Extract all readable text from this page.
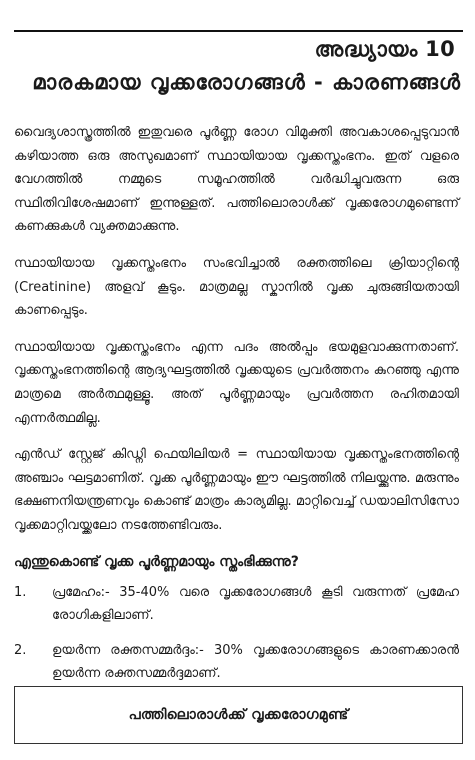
അദ്ധ്യായം 10
മാരകമായ വൃക്കരോഗങ്ങൾ - കാരണങ്ങൾ

വൈദ്യശാസ്ത്രത്തിൽ ഇതുവരെ പൂർണ്ണ രോഗ വിമുക്തി അവകാശപ്പെടുവാൻ കഴിയാത്ത ഒരു അസുഖമാണ് സ്ഥായിയായ വൃക്കസ്തംഭനം. ഇത് വളരെ വേഗത്തിൽ നമ്മുടെ സമൂഹത്തിൽ വർദ്ധിച്ചുവരുന്ന ഒരു സ്ഥിതിവിശേഷമാണ് ഇന്നുള്ളത്. പത്തിലൊരാൾക്ക് വൃക്കരോഗമുണ്ടെന്ന് കണക്കുകൾ വ്യക്തമാക്കുന്നു.

സ്ഥായിയായ വൃക്കസ്തംഭനം സംഭവിച്ചാൽ രക്തത്തിലെ ക്രിയാറ്റിന്റെ (Creatinine) അളവ് കൂടും. മാത്രമല്ല സ്കാനിൽ വൃക്ക ചുരുങ്ങിയതായി കാണപ്പെടും.

സ്ഥായിയായ വൃക്കസ്തംഭനം എന്ന പദം അൽപ്പം ഭയമുളവാക്കുന്നതാണ്. വൃക്കസ്തംഭനത്തിന്റെ ആദ്യഘട്ടത്തിൽ വൃക്കയുടെ പ്രവർത്തനം കുറഞ്ഞു എന്നു മാത്രമെ അർത്ഥമുള്ളൂ. അത് പൂർണ്ണമായും പ്രവർത്തന രഹിതമായി എന്നർത്ഥമില്ല.

എൻഡ് സ്റ്റേജ് കിഡ്നി ഫെയിലിയർ = സ്ഥായിയായ വൃക്കസ്തംഭനത്തിന്റെ അഞ്ചാം ഘട്ടമാണിത്. വൃക്ക പൂർണ്ണമായും ഈ ഘട്ടത്തിൽ നിലയ്ക്കുന്നു. മരുന്നും ഭക്ഷണനിയന്ത്രണവും കൊണ്ട് മാത്രം കാര്യമില്ല. മാറ്റിവെച്ച് ഡയാലിസിസോ വൃക്കമാറ്റിവയ്ക്കലോ നടത്തേണ്ടിവരും.

എന്തുകൊണ്ട് വൃക്ക പൂർണ്ണമായും സ്തംഭിക്കുന്നു?
1.	പ്രമേഹം:- 35-40% വരെ വൃക്കരോഗങ്ങൾ കൂടി വരുന്നത് പ്രമേഹ രോഗികളിലാണ്.
2.	ഉയർന്ന രക്തസമ്മർദ്ദം:- 30% വൃക്കരോഗങ്ങളുടെ കാരണക്കാരൻ ഉയർന്ന രക്തസമ്മർദ്ദമാണ്.
പത്തിലൊരാൾക്ക് വൃക്കരോഗമുണ്ട്
